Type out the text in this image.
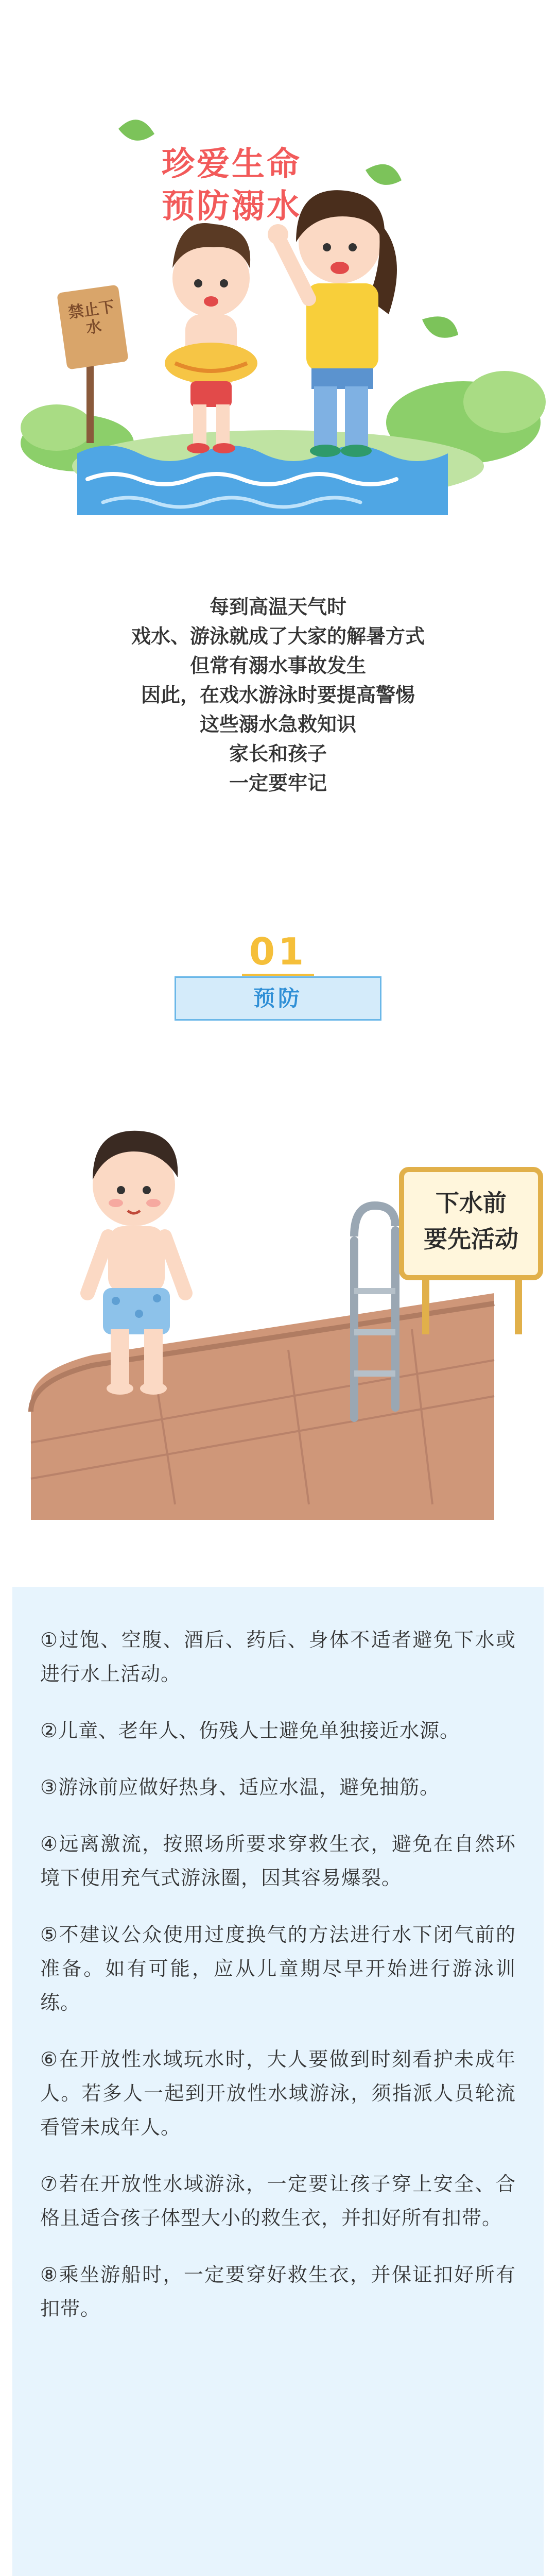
禁止下水
珍爱生命
预防溺水
每到高温天气时
戏水、游泳就成了大家的解暑方式
但常有溺水事故发生
因此，在戏水游泳时要提高警惕
这些溺水急救知识
家长和孩子
一定要牢记
01
预防
下水前
要先活动

①过饱、空腹、酒后、药后、身体不适者避免下水或进行水上活动。

②儿童、老年人、伤残人士避免单独接近水源。

③游泳前应做好热身、适应水温，避免抽筋。

④远离激流，按照场所要求穿救生衣，避免在自然环境下使用充气式游泳圈，因其容易爆裂。

⑤不建议公众使用过度换气的方法进行水下闭气前的准备。如有可能，应从儿童期尽早开始进行游泳训练。

⑥在开放性水域玩水时，大人要做到时刻看护未成年人。若多人一起到开放性水域游泳，须指派人员轮流看管未成年人。

⑦若在开放性水域游泳，一定要让孩子穿上安全、合格且适合孩子体型大小的救生衣，并扣好所有扣带。

⑧乘坐游船时，一定要穿好救生衣，并保证扣好所有扣带。
